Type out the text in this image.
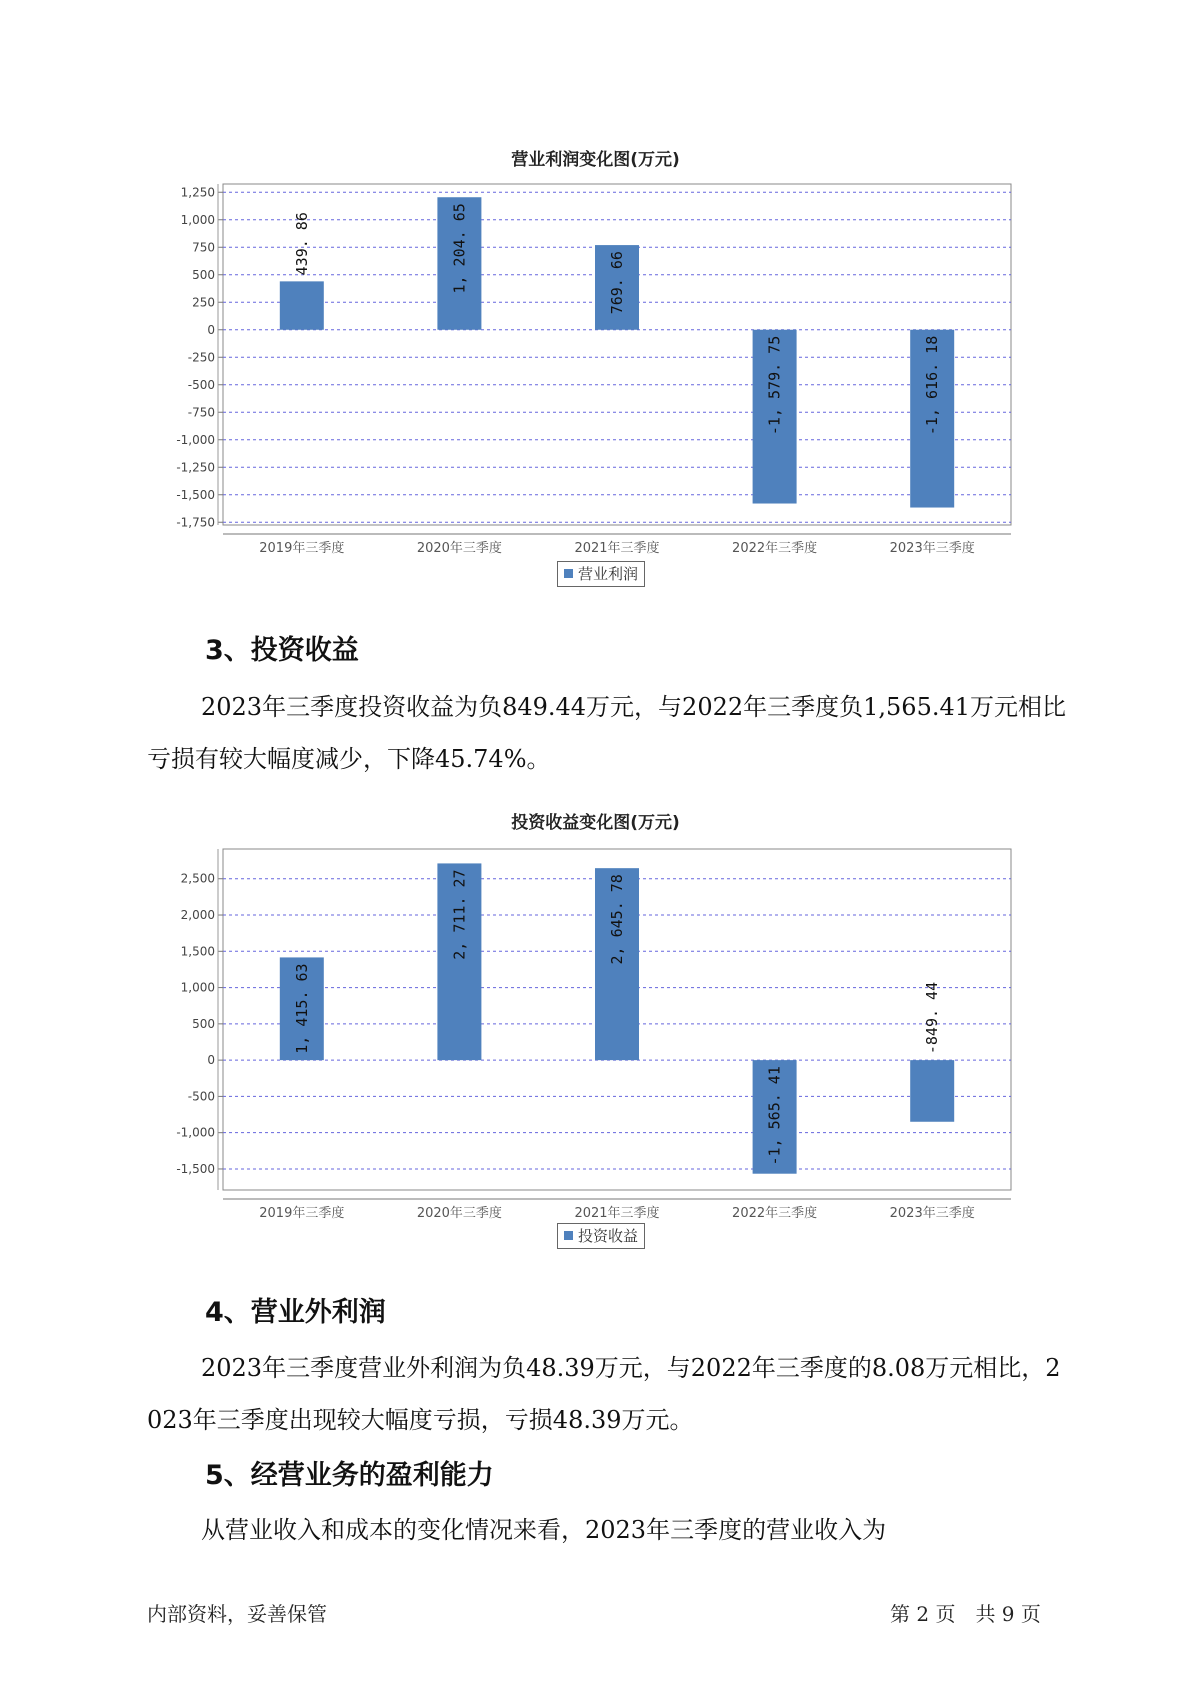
营业利润变化图(万元)
1,250
1,000
750
500
250
0
-250
-500
-750
-1,000
-1,250
-1,500
-1,750
2019年三季度
439. 86
2020年三季度
1, 204. 65
2021年三季度
769. 66
2022年三季度
-1, 579. 75
2023年三季度
-1, 616. 18
营业利润
3、投资收益
2023年三季度投资收益为负849.44万元，与2022年三季度负1,565.41万元相比亏损有较大幅度减少，下降45.74%。
投资收益变化图(万元)
2,500
2,000
1,500
1,000
500
0
-500
-1,000
-1,500
2019年三季度
1, 415. 63
2020年三季度
2, 711. 27
2021年三季度
2, 645. 78
2022年三季度
-1, 565. 41
2023年三季度
-849. 44
投资收益
4、营业外利润
2023年三季度营业外利润为负48.39万元，与2022年三季度的8.08万元相比，2023年三季度出现较大幅度亏损，亏损48.39万元。
5、经营业务的盈利能力
从营业收入和成本的变化情况来看，2023年三季度的营业收入为
内部资料，妥善保管	第 2 页　共 9 页
